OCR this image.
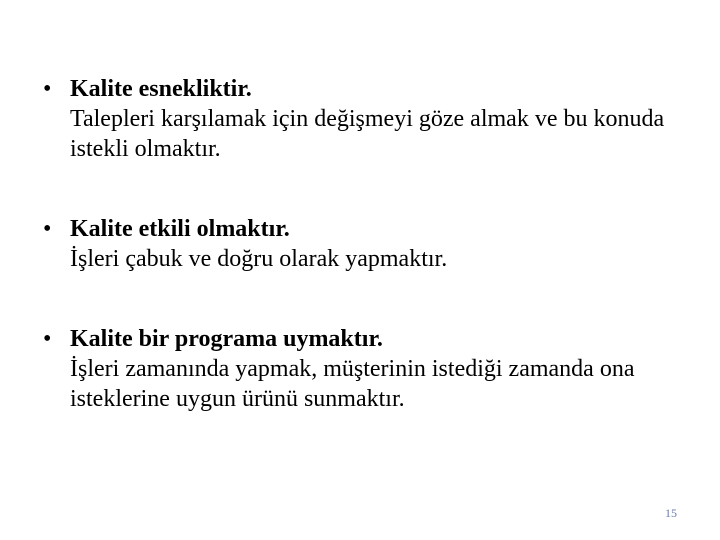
• Kalite esnekliktir.
Talepleri karşılamak için değişmeyi göze almak ve bu konuda istekli olmaktır.
• Kalite etkili olmaktır.
İşleri çabuk ve doğru olarak yapmaktır.
• Kalite bir programa uymaktır.
İşleri zamanında yapmak, müşterinin istediği zamanda ona isteklerine uygun ürünü sunmaktır.
15
